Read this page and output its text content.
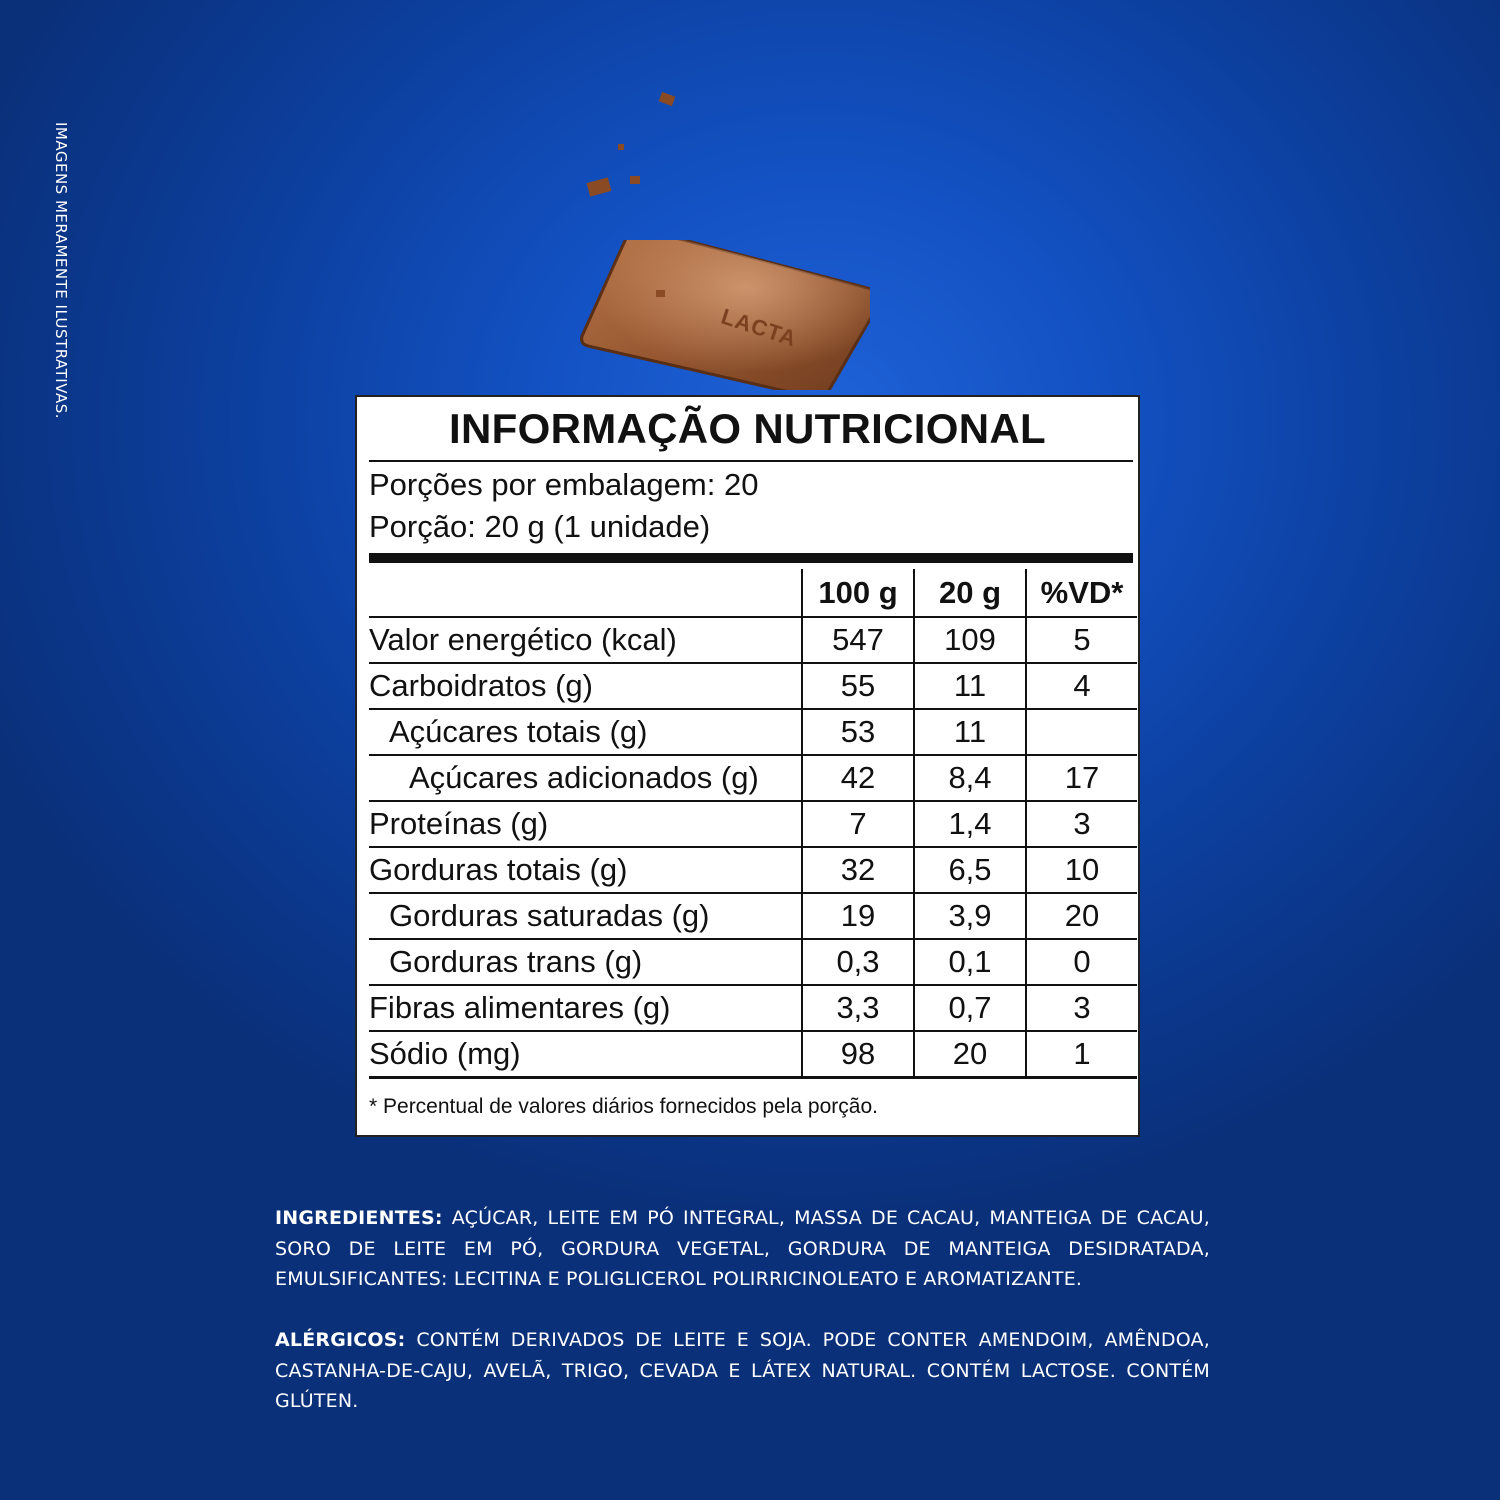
IMAGENS MERAMENTE ILUSTRATIVAS.	LACTA
INFORMAÇÃO NUTRICIONAL
Porções por embalagem: 20
Porção: 20 g (1 unidade)
	100 g	20 g	%VD*
Valor energético (kcal)	547	109	5
Carboidratos (g)	55	11	4
Açúcares totais (g)	53	11	
Açúcares adicionados (g)	42	8,4	17
Proteínas (g)	7	1,4	3
Gorduras totais (g)	32	6,5	10
Gorduras saturadas (g)	19	3,9	20
Gorduras trans (g)	0,3	0,1	0
Fibras alimentares (g)	3,3	0,7	3
Sódio (mg)	98	20	1
* Percentual de valores diários fornecidos pela porção.
INGREDIENTES: AÇÚCAR, LEITE EM PÓ INTEGRAL, MASSA DE CACAU, MANTEIGA DE CACAU, SORO DE LEITE EM PÓ, GORDURA VEGETAL, GORDURA DE MANTEIGA DESIDRATADA, EMULSIFICANTES: LECITINA E POLIGLICEROL POLIRRICINOLEATO E AROMATIZANTE.
ALÉRGICOS: CONTÉM DERIVADOS DE LEITE E SOJA. PODE CONTER AMENDOIM, AMÊNDOA, CASTANHA-DE-CAJU, AVELÃ, TRIGO, CEVADA E LÁTEX NATURAL. CONTÉM LACTOSE. CONTÉM GLÚTEN.
